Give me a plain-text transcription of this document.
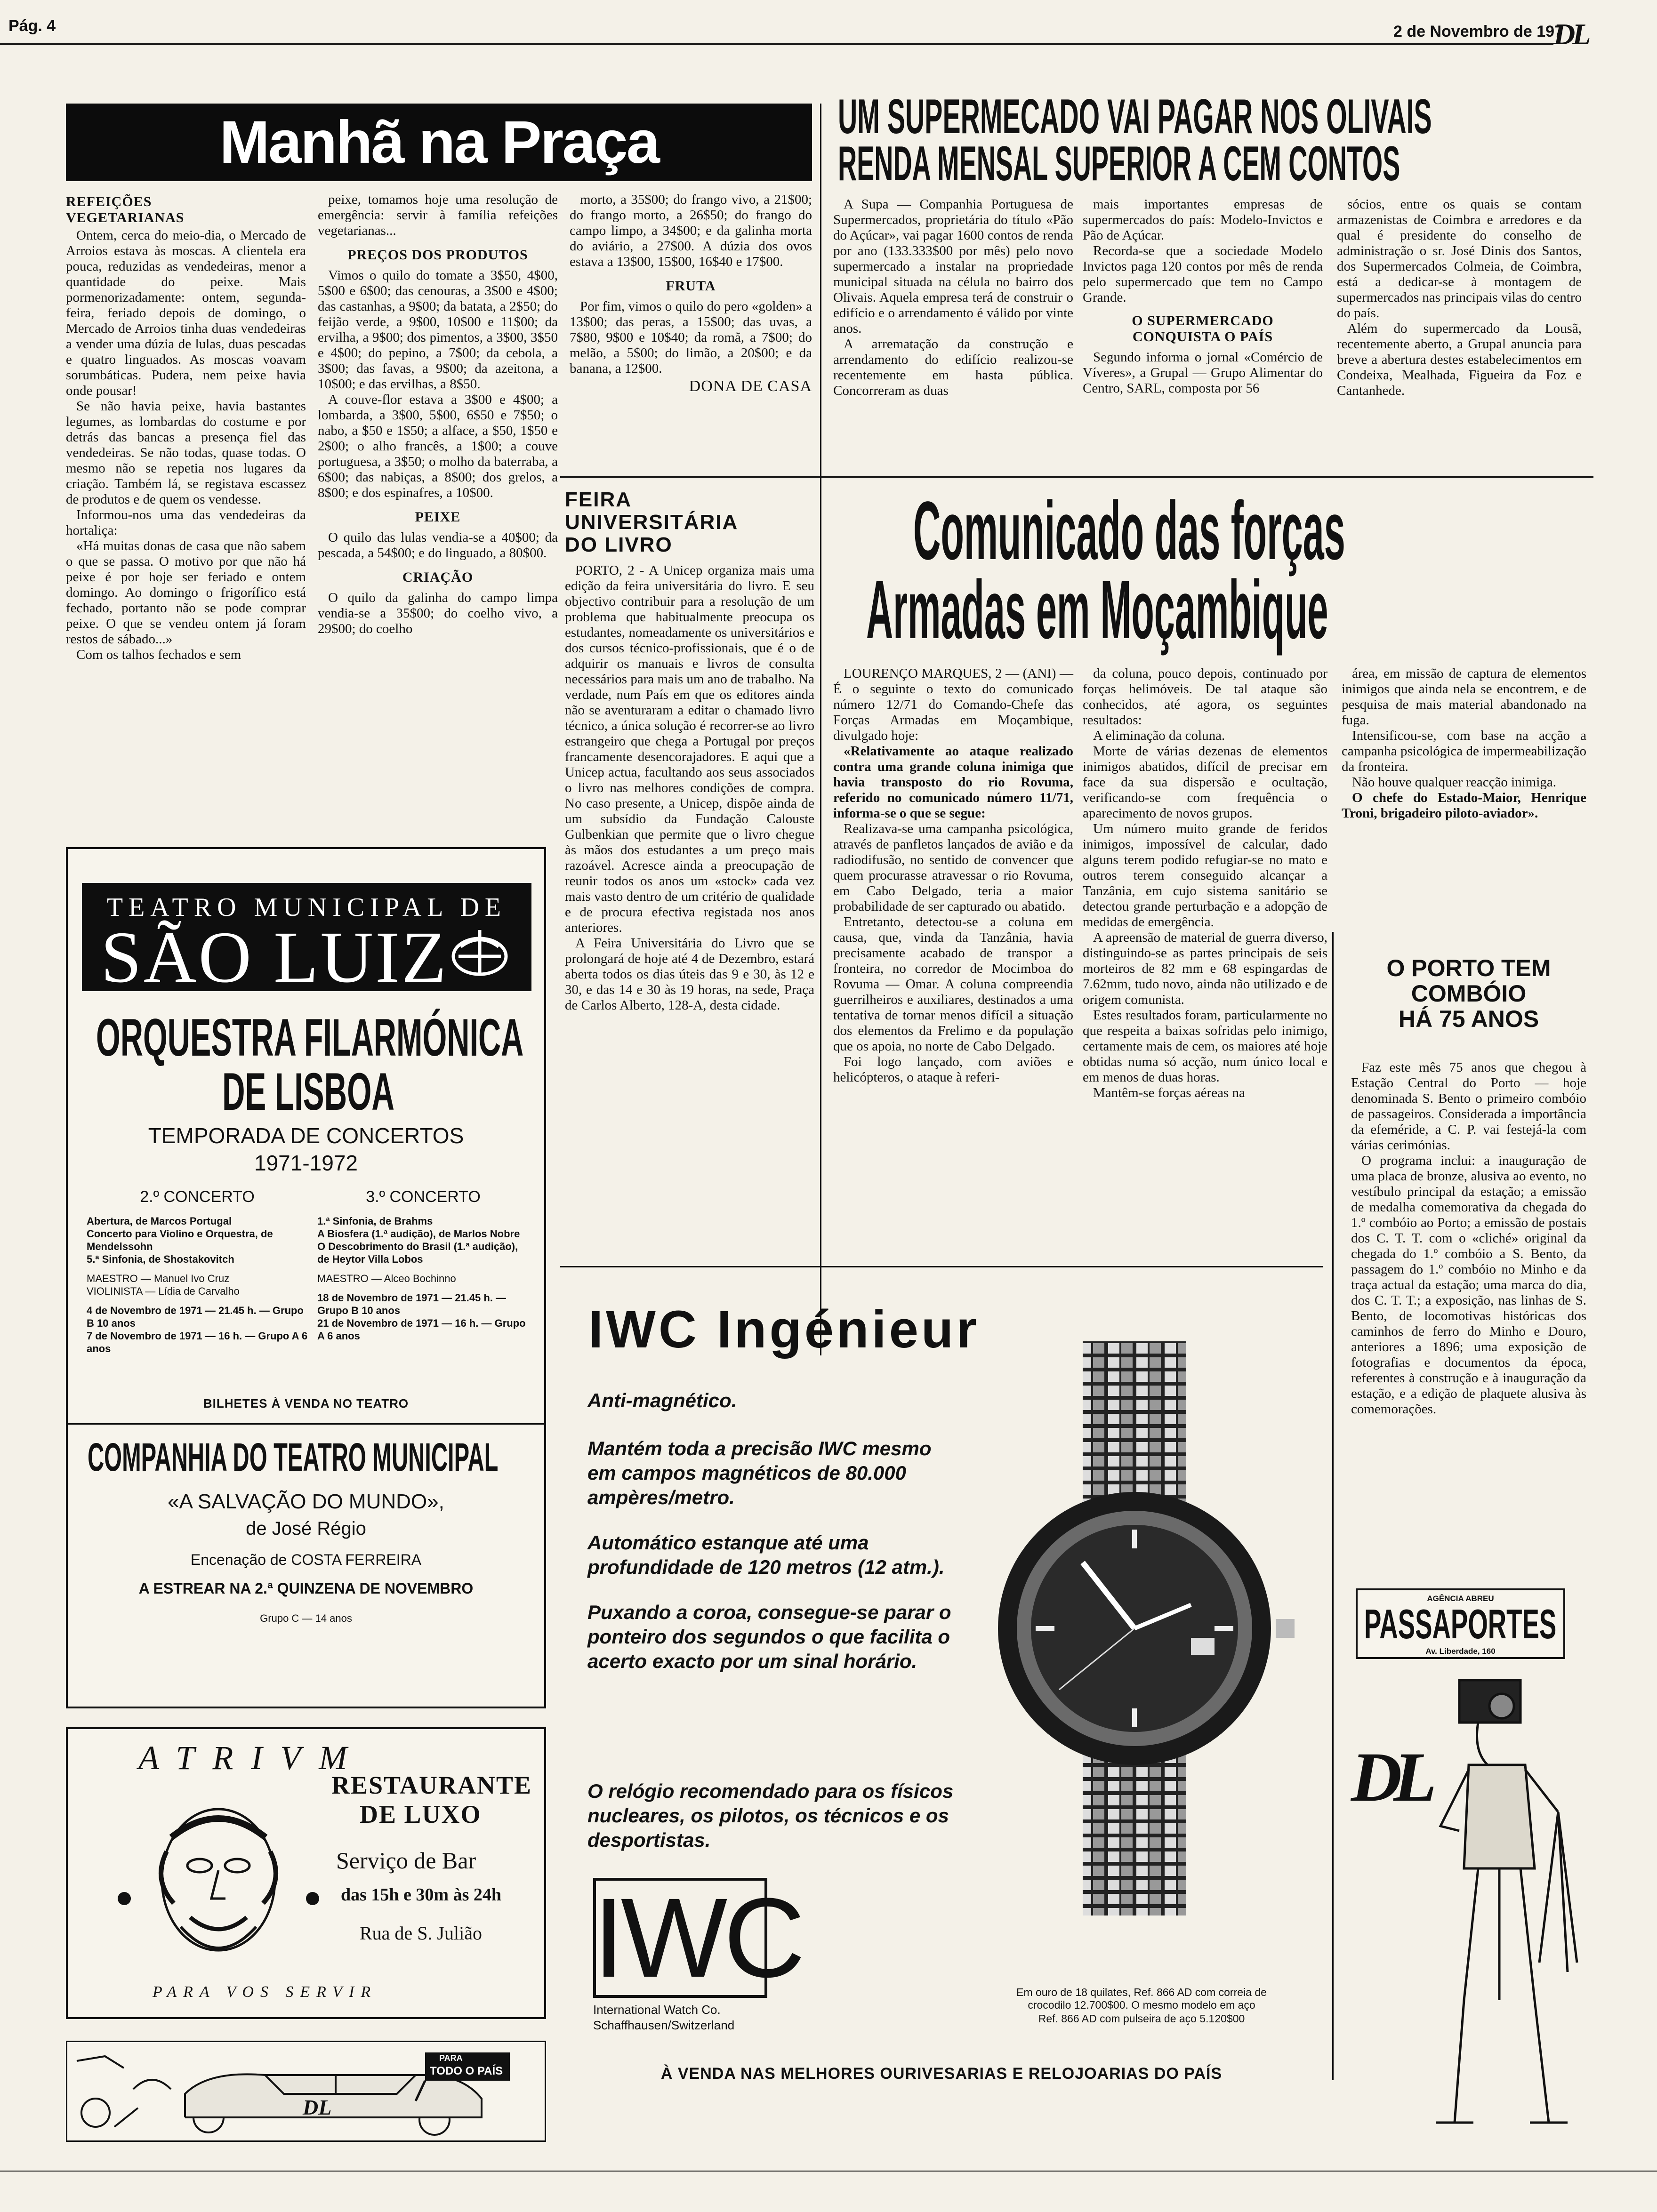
Pág. 4	2 de Novembro de 197
DL
Manhã na Praça

REFEIÇÕES

VEGETARIANAS

Ontem, cerca do meio-dia, o Mercado de Arroios estava às moscas. A clientela era pouca, reduzidas as vendedeiras, menor a quantidade do peixe. Mais pormenorizadamente: ontem, segunda-feira, feriado depois de domingo, o Mercado de Arroios tinha duas vendedeiras a vender uma dúzia de lulas, duas pescadas e quatro linguados. As moscas voavam sorumbáticas. Pudera, nem peixe havia onde pousar!

Se não havia peixe, havia bastantes legumes, as lombardas do costume e por detrás das bancas a presença fiel das vendedeiras. Se não todas, quase todas. O mesmo não se repetia nos lugares da criação. Também lá, se registava escassez de produtos e de quem os vendesse.

Informou-nos uma das vendedeiras da hortaliça:

«Há muitas donas de casa que não sabem o que se passa. O motivo por que não há peixe é por hoje ser feriado e ontem domingo. Ao domingo o frigorífico está fechado, portanto não se pode comprar peixe. O que se vendeu ontem já foram restos de sábado...»

Com os talhos fechados e sem

peixe, tomamos hoje uma resolução de emergência: servir à família refeições vegetarianas...

PREÇOS DOS PRODUTOS

Vimos o quilo do tomate a 3$50, 4$00, 5$00 e 6$00; das cenouras, a 3$00 e 4$00; das castanhas, a 9$00; da batata, a 2$50; do feijão verde, a 9$00, 10$00 e 11$00; da ervilha, a 9$00; dos pimentos, a 3$00, 3$50 e 4$00; do pepino, a 7$00; da cebola, a 3$00; das favas, a 9$00; da azeitona, a 10$00; e das ervilhas, a 8$50.

A couve-flor estava a 3$00 e 4$00; a lombarda, a 3$00, 5$00, 6$50 e 7$50; o nabo, a $50 e 1$50; a alface, a $50, 1$50 e 2$00; o alho francês, a 1$00; a couve portuguesa, a 3$50; o molho da baterraba, a 6$00; das nabiças, a 8$00; dos grelos, a 8$00; e dos espinafres, a 10$00.

PEIXE

O quilo das lulas vendia-se a 40$00; da pescada, a 54$00; e do linguado, a 80$00.

CRIAÇÃO

O quilo da galinha do campo limpa vendia-se a 35$00; do coelho vivo, a 29$00; do coelho

morto, a 35$00; do frango vivo, a 21$00; do frango morto, a 26$50; do frango do campo limpo, a 34$00; e da galinha morta do aviário, a 27$00. A dúzia dos ovos estava a 13$00, 15$00, 16$40 e 17$00.

FRUTA

Por fim, vimos o quilo do pero «golden» a 13$00; das peras, a 15$00; das uvas, a 7$80, 9$00 e 10$40; da romã, a 7$00; do melão, a 5$00; do limão, a 20$00; e da banana, a 12$00.

DONA DE CASA

UM SUPERMECADO VAI PAGAR NOS OLIVAIS
RENDA MENSAL SUPERIOR A CEM CONTOS

A Supa — Companhia Portuguesa de Supermercados, proprietária do título «Pão do Açúcar», vai pagar 1600 contos de renda por ano (133.333$00 por mês) pelo novo supermercado a instalar na propriedade municipal situada na célula no bairro dos Olivais. Aquela empresa terá de construir o edifício e o arrendamento é válido por vinte anos.

A arrematação da construção e arrendamento do edifício realizou-se recentemente em hasta pública. Concorreram as duas

mais importantes empresas de supermercados do país: Modelo-Invictos e Pão de Açúcar.

Recorda-se que a sociedade Modelo Invictos paga 120 contos por mês de renda pelo supermercado que tem no Campo Grande.

O SUPERMERCADO

CONQUISTA O PAÍS

Segundo informa o jornal «Comércio de Víveres», a Grupal — Grupo Alimentar do Centro, SARL, composta por 56

sócios, entre os quais se contam armazenistas de Coimbra e arredores e da qual é presidente do conselho de administração o sr. José Dinis dos Santos, dos Supermercados Colmeia, de Coimbra, está a dedicar-se à montagem de supermercados nas principais vilas do centro do país.

Além do supermercado da Lousã, recentemente aberto, a Grupal anuncia para breve a abertura destes estabelecimentos em Condeixa, Mealhada, Figueira da Foz e Cantanhede.

FEIRA
UNIVERSITÁRIA
DO LIVRO

PORTO, 2 - A Unicep organiza mais uma edição da feira universitária do livro. E seu objectivo contribuir para a resolução de um problema que habitualmente preocupa os estudantes, nomeadamente os universitários e dos cursos técnico-profissionais, que é o de adquirir os manuais e livros de consulta necessários para mais um ano de trabalho. Na verdade, num País em que os editores ainda não se aventuraram a editar o chamado livro técnico, a única solução é recorrer-se ao livro estrangeiro que chega a Portugal por preços francamente desencorajadores. E aqui que a Unicep actua, facultando aos seus associados o livro nas melhores condições de compra. No caso presente, a Unicep, dispõe ainda de um subsídio da Fundação Calouste Gulbenkian que permite que o livro chegue às mãos dos estudantes a um preço mais razoável. Acresce ainda a preocupação de reunir todos os anos um «stock» cada vez mais vasto dentro de um critério de qualidade e de procura efectiva registada nos anos anteriores.

A Feira Universitária do Livro que se prolongará de hoje até 4 de Dezembro, estará aberta todos os dias úteis das 9 e 30, às 12 e 30, e das 14 e 30 às 19 horas, na sede, Praça de Carlos Alberto, 128-A, desta cidade.

Comunicado das forças
Armadas em Moçambique

LOURENÇO MARQUES, 2 — (ANI) — É o seguinte o texto do comunicado número 12/71 do Comando-Chefe das Forças Armadas em Moçambique, divulgado hoje:

«Relativamente ao ataque realizado contra uma grande coluna inimiga que havia transposto do rio Rovuma, referido no comunicado número 11/71, informa-se o que se segue:

Realizava-se uma campanha psicológica, através de panfletos lançados de avião e da radiodifusão, no sentido de convencer que quem procurasse atravessar o rio Rovuma, em Cabo Delgado, teria a maior probabilidade de ser capturado ou abatido.

Entretanto, detectou-se a coluna em causa, que, vinda da Tanzânia, havia precisamente acabado de transpor a fronteira, no corredor de Mocimboa do Rovuma — Omar. A coluna compreendia guerrilheiros e auxiliares, destinados a uma tentativa de tornar menos difícil a situação dos elementos da Frelimo e da população que os apoia, no norte de Cabo Delgado.

Foi logo lançado, com aviões e helicópteros, o ataque à referi-

da coluna, pouco depois, continuado por forças helimóveis. De tal ataque são conhecidos, até agora, os seguintes resultados:

A eliminação da coluna.

Morte de várias dezenas de elementos inimigos abatidos, difícil de precisar em face da sua dispersão e ocultação, verificando-se com frequência o aparecimento de novos grupos.

Um número muito grande de feridos inimigos, impossível de calcular, dado alguns terem podido refugiar-se no mato e outros terem conseguido alcançar a Tanzânia, em cujo sistema sanitário se detectou grande perturbação e a adopção de medidas de emergência.

A apreensão de material de guerra diverso, distinguindo-se as partes principais de seis morteiros de 82 mm e 68 espingardas de 7.62mm, tudo novo, ainda não utilizado e de origem comunista.

Estes resultados foram, particularmente no que respeita a baixas sofridas pelo inimigo, certamente mais de cem, os maiores até hoje obtidas numa só acção, num único local e em menos de duas horas.

Mantêm-se forças aéreas na

área, em missão de captura de elementos inimigos que ainda nela se encontrem, e de pesquisa de mais material abandonado na fuga.

Intensificou-se, com base na acção a campanha psicológica de impermeabilização da fronteira.

Não houve qualquer reacção inimiga.

O chefe do Estado-Maior, Henrique Troni, brigadeiro piloto-aviador».

O PORTO TEM
COMBÓIO
HÁ 75 ANOS

Faz este mês 75 anos que chegou à Estação Central do Porto — hoje denominada S. Bento o primeiro combóio de passageiros. Considerada a importância da efeméride, a C. P. vai festejá-la com várias cerimónias.

O programa inclui: a inauguração de uma placa de bronze, alusiva ao evento, no vestíbulo principal da estação; a emissão de medalha comemorativa da chegada do 1.º combóio ao Porto; a emissão de postais dos C. T. T. com o «cliché» original da chegada do 1.º combóio a S. Bento, da passagem do 1.º combóio no Minho e da traça actual da estação; uma marca do dia, dos C. T. T.; a exposição, nas linhas de S. Bento, de locomotivas históricas dos caminhos de ferro do Minho e Douro, anteriores a 1896; uma exposição de fotografias e documentos da época, referentes à construção e à inauguração da estação, e a edição de plaquete alusiva às comemorações.

TEATRO MUNICIPAL DE
SÃO LUIZ
ORQUESTRA FILARMÓNICA
DE LISBOA
TEMPORADA DE CONCERTOS
1971-1972
2.º CONCERTO

Abertura, de Marcos Portugal

Concerto para Violino e Orquestra, de Mendelssohn

5.ª Sinfonia, de Shostakovitch

MAESTRO — Manuel Ivo Cruz

VIOLINISTA — Lídia de Carvalho

4 de Novembro de 1971 — 21.45 h. — Grupo B 10 anos

7 de Novembro de 1971 — 16 h. — Grupo A 6 anos

3.º CONCERTO

1.ª Sinfonia, de Brahms

A Biosfera (1.ª audição), de Marlos Nobre

O Descobrimento do Brasil (1.ª audição), de Heytor Villa Lobos

MAESTRO — Alceo Bochinno

18 de Novembro de 1971 — 21.45 h. — Grupo B 10 anos

21 de Novembro de 1971 — 16 h. — Grupo A 6 anos

BILHETES À VENDA NO TEATRO
COMPANHIA DO TEATRO MUNICIPAL
«A SALVAÇÃO DO MUNDO»,
de José Régio
Encenação de COSTA FERREIRA
A ESTREAR NA 2.ª QUINZENA DE NOVEMBRO
Grupo C — 14 anos
ATRIVM
PARA VOS SERVIR
RESTAURANTE
DE LUXO
Serviço de Bar
das 15h e 30m às 24h
Rua de S. Julião
PARA
TODO O PAÍS
DL
IWC Ingénieur

Anti-magnético.

Mantém toda a precisão IWC mesmo em campos magnéticos de 80.000 ampères/metro.

Automático estanque até uma profundidade de 120 metros (12 atm.).

Puxando a coroa, consegue-se parar o ponteiro dos segundos o que facilita o acerto exacto por um sinal horário.

O relógio recomendado para os físicos nucleares, os pilotos, os técnicos e os desportistas.

IWC
International Watch Co.
Schaffhausen/Switzerland
Em ouro de 18 quilates, Ref. 866 AD com correia de crocodilo 12.700$00. O mesmo modelo em aço
Ref. 866 AD com pulseira de aço 5.120$00
À VENDA NAS MELHORES OURIVESARIAS E RELOJOARIAS DO PAÍS
AGÊNCIA ABREU
PASSAPORTES
Av. Liberdade, 160
DL
